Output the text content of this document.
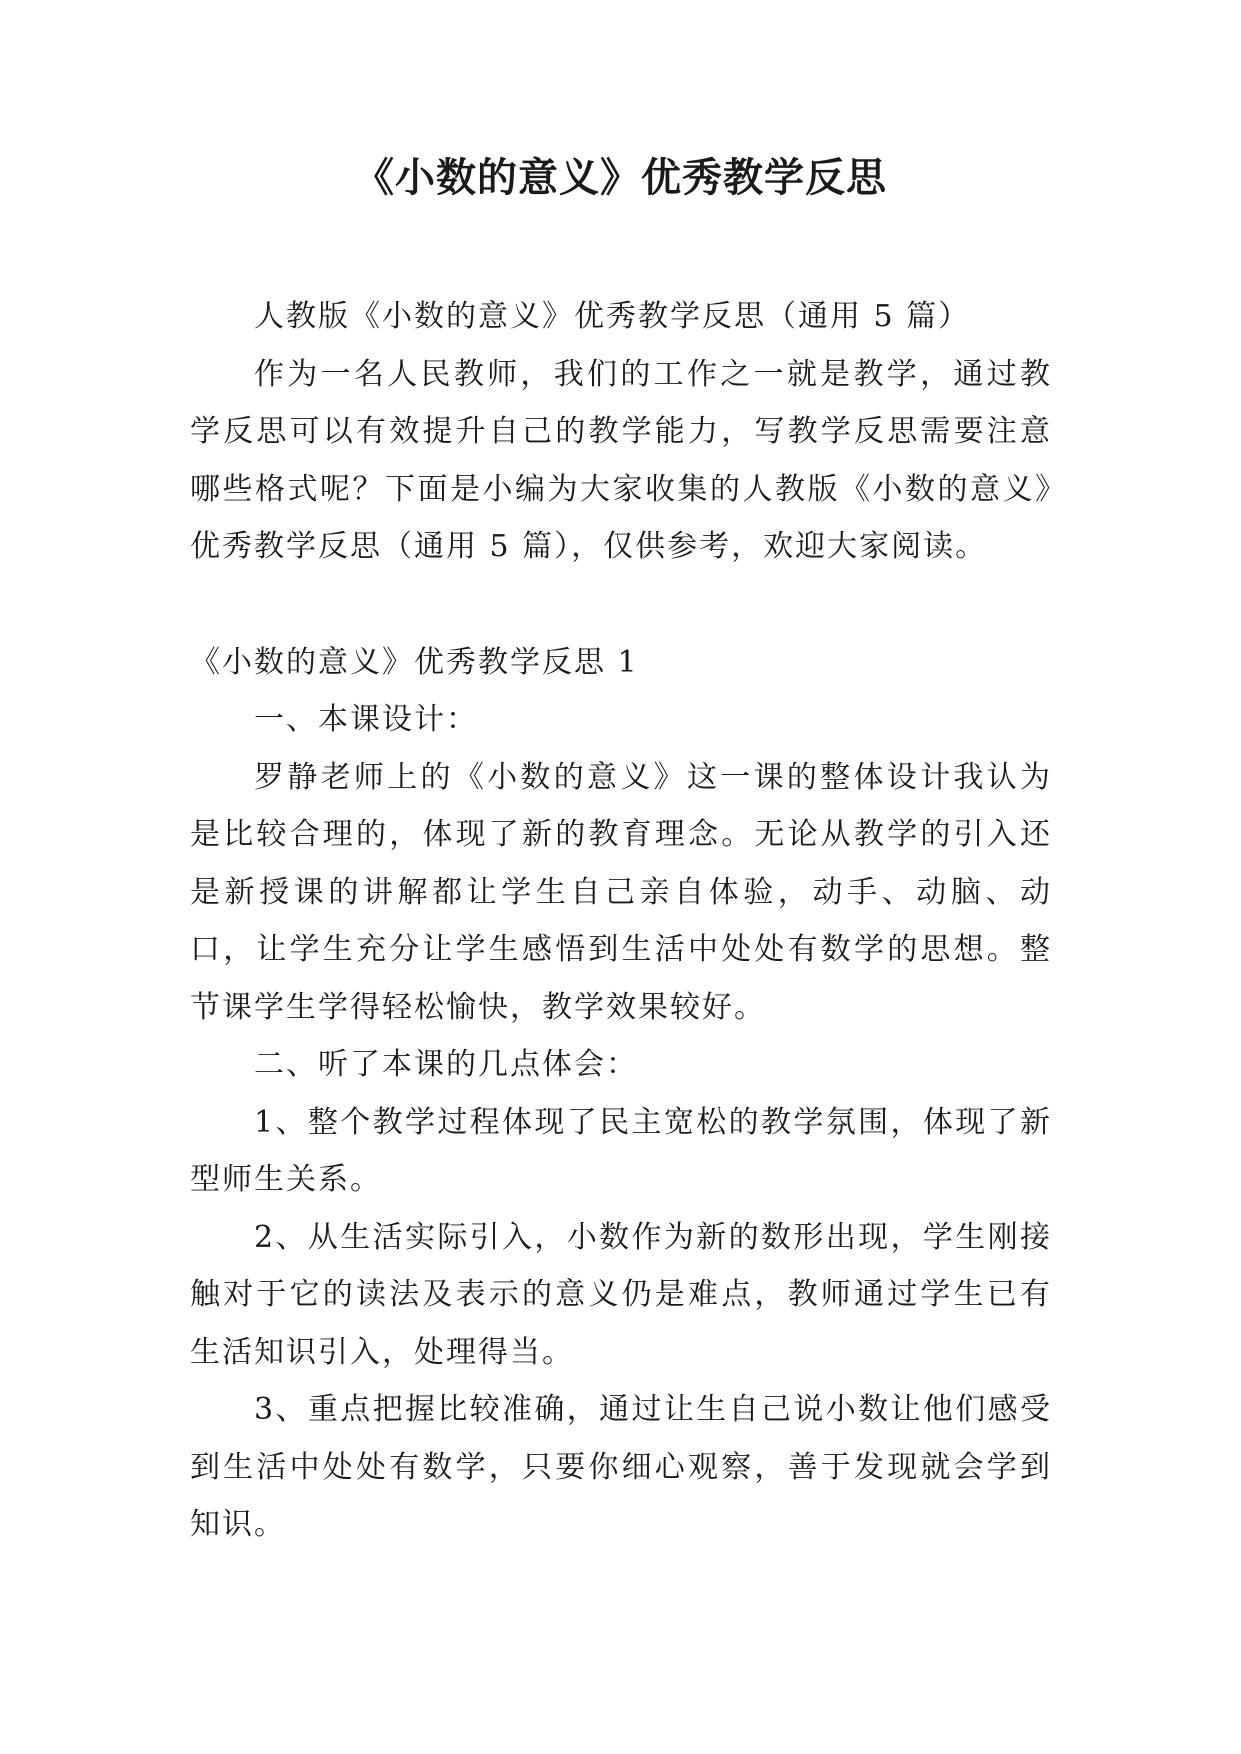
《小数的意义》优秀教学反思

人教版《小数的意义》优秀教学反思（通用 5 篇）

作为一名人民教师，我们的工作之一就是教学，通过教学反思可以有效提升自己的教学能力，写教学反思需要注意哪些格式呢？下面是小编为大家收集的人教版《小数的意义》优秀教学反思（通用 5 篇），仅供参考，欢迎大家阅读。

《小数的意义》优秀教学反思 1

一、本课设计：

罗静老师上的《小数的意义》这一课的整体设计我认为是比较合理的，体现了新的教育理念。无论从教学的引入还是新授课的讲解都让学生自己亲自体验，动手、动脑、动口，让学生充分让学生感悟到生活中处处有数学的思想。整节课学生学得轻松愉快，教学效果较好。

二、听了本课的几点体会：

1、整个教学过程体现了民主宽松的教学氛围，体现了新型师生关系。

2、从生活实际引入，小数作为新的数形出现，学生刚接触对于它的读法及表示的意义仍是难点，教师通过学生已有生活知识引入，处理得当。

3、重点把握比较准确，通过让生自己说小数让他们感受到生活中处处有数学，只要你细心观察，善于发现就会学到知识。
